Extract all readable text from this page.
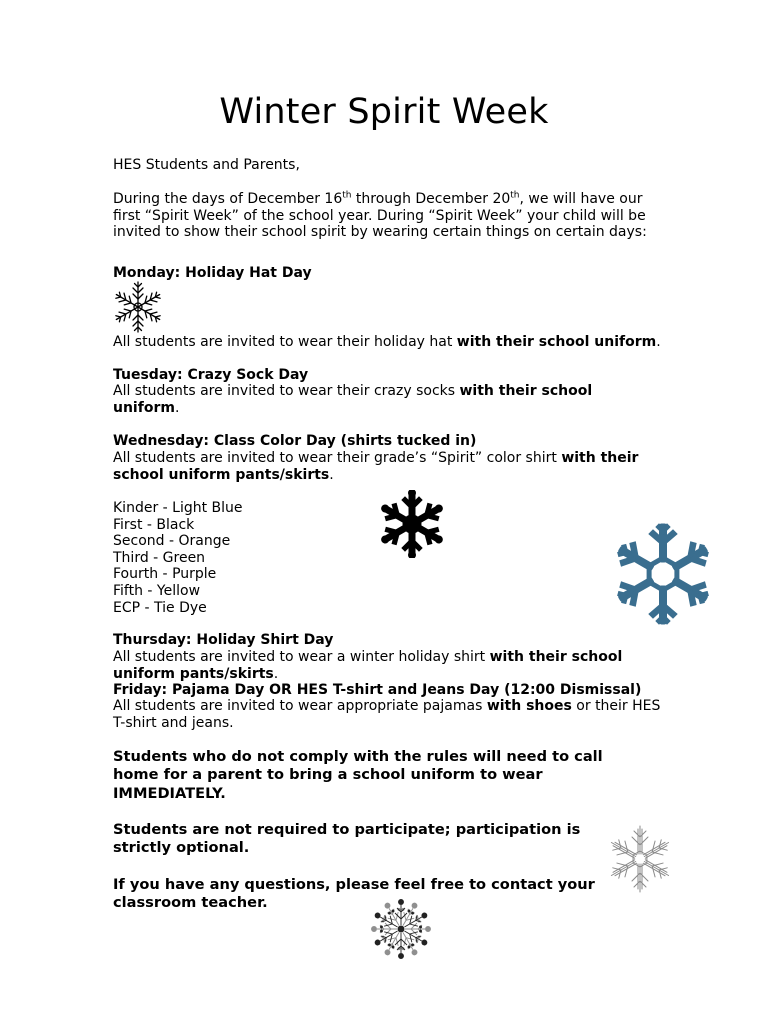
Winter Spirit Week
HES Students and Parents,
During the days of December 16th through December 20th, we will have our first “Spirit Week” of the school year. During “Spirit Week” your child will be invited to show their school spirit by wearing certain things on certain days:
Monday: Holiday Hat Day
All students are invited to wear their holiday hat with their school uniform.
Tuesday: Crazy Sock Day
All students are invited to wear their crazy socks with their school uniform.
Wednesday: Class Color Day (shirts tucked in)
All students are invited to wear their grade’s “Spirit” color shirt with their school uniform pants/skirts.
Kinder - Light Blue
First - Black
Second - Orange
Third - Green
Fourth - Purple
Fifth - Yellow
ECP - Tie Dye
Thursday: Holiday Shirt Day
All students are invited to wear a winter holiday shirt with their school uniform pants/skirts.
Friday: Pajama Day OR HES T-shirt and Jeans Day (12:00 Dismissal)
All students are invited to wear appropriate pajamas with shoes or their HES T-shirt and jeans.
Students who do not comply with the rules will need to call home for a parent to bring a school uniform to wear IMMEDIATELY.
Students are not required to participate; participation is strictly optional.
If you have any questions, please feel free to contact your classroom teacher.
